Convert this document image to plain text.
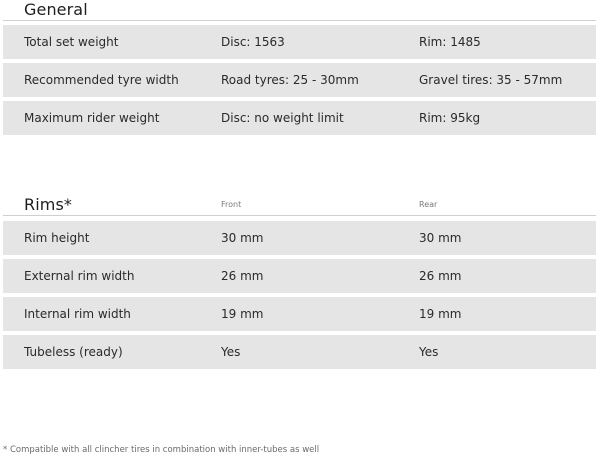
General
Total set weight	Disc: 1563	Rim: 1485
Recommended tyre width	Road tyres: 25 - 30mm	Gravel tires: 35 - 57mm
Maximum rider weight	Disc: no weight limit	Rim: 95kg
Rims*	Front	Rear
Rim height	30 mm	30 mm
External rim width	26 mm	26 mm
Internal rim width	19 mm	19 mm
Tubeless (ready)	Yes	Yes
* Compatible with all clincher tires in combination with inner-tubes as well
